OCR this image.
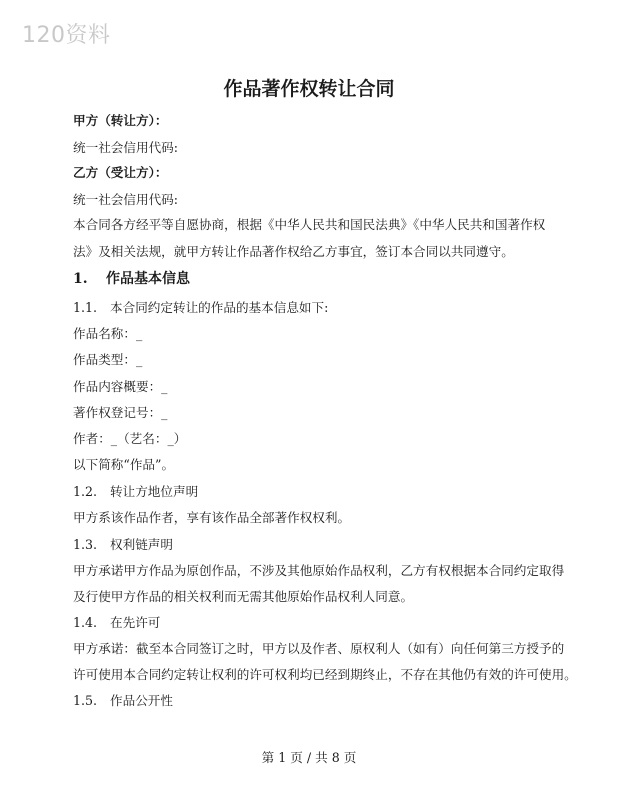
120资料
作品著作权转让合同
甲方（转让方）：
统一社会信用代码:
乙方（受让方）：
统一社会信用代码:
本合同各方经平等自愿协商，根据《中华人民共和国民法典》《中华人民共和国著作权
法》及相关法规，就甲方转让作品著作权给乙方事宜，签订本合同以共同遵守。
1. 作品基本信息
1.1. 本合同约定转让的作品的基本信息如下:
作品名称：_
作品类型：_
作品内容概要：_
著作权登记号：_
作者：_（艺名：_）
以下简称“作品”。
1.2. 转让方地位声明
甲方系该作品作者，享有该作品全部著作权权利。
1.3. 权利链声明
甲方承诺甲方作品为原创作品，不涉及其他原始作品权利，乙方有权根据本合同约定取得
及行使甲方作品的相关权利而无需其他原始作品权利人同意。
1.4. 在先许可
甲方承诺：截至本合同签订之时，甲方以及作者、原权利人（如有）向任何第三方授予的
许可使用本合同约定转让权利的许可权利均已经到期终止，不存在其他仍有效的许可使用。
1.5. 作品公开性
第 1 页 / 共 8 页
